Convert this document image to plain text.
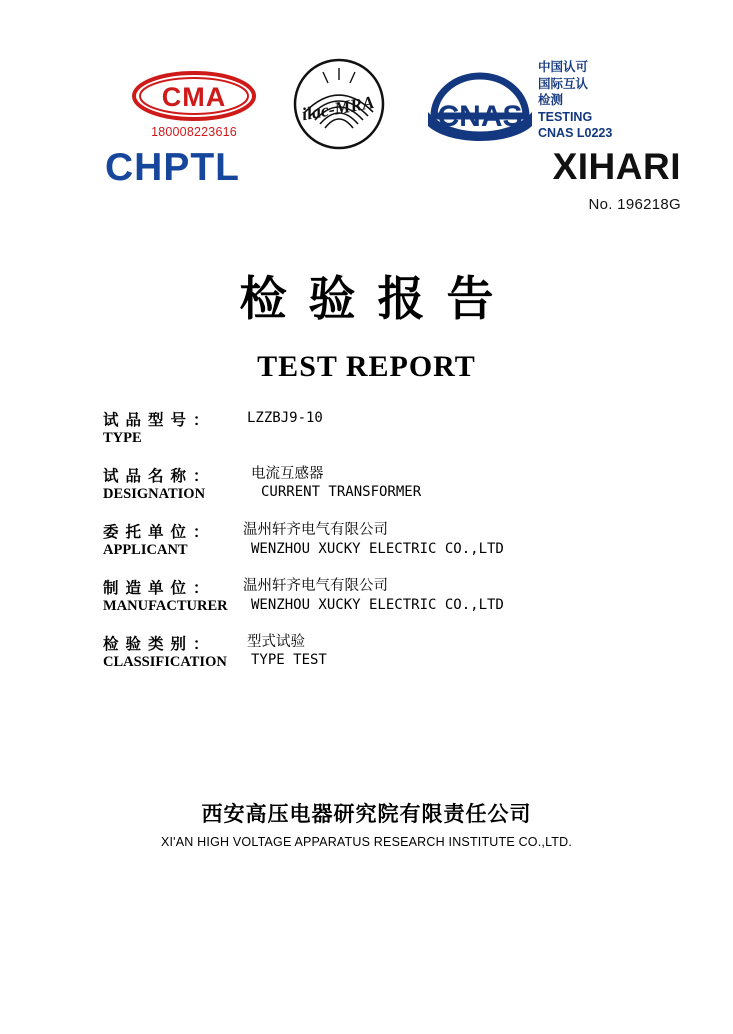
CMA
180008223616
ilac-MRA CNAS
中国认可
国际互认
检测
TESTING
CNAS L0223
CHPTL	XIHARI
No. 196218G
检验报告
TEST REPORT
试品型号：
TYPE
LZZBJ9-10
试品名称：
DESIGNATION
电流互感器
CURRENT TRANSFORMER
委托单位：
APPLICANT
温州轩齐电气有限公司
WENZHOU XUCKY ELECTRIC CO.,LTD
制造单位：
MANUFACTURER
温州轩齐电气有限公司
WENZHOU XUCKY ELECTRIC CO.,LTD
检验类别：
CLASSIFICATION
型式试验
TYPE TEST
西安高压电器研究院有限责任公司
XI'AN HIGH VOLTAGE APPARATUS RESEARCH INSTITUTE CO.,LTD.
